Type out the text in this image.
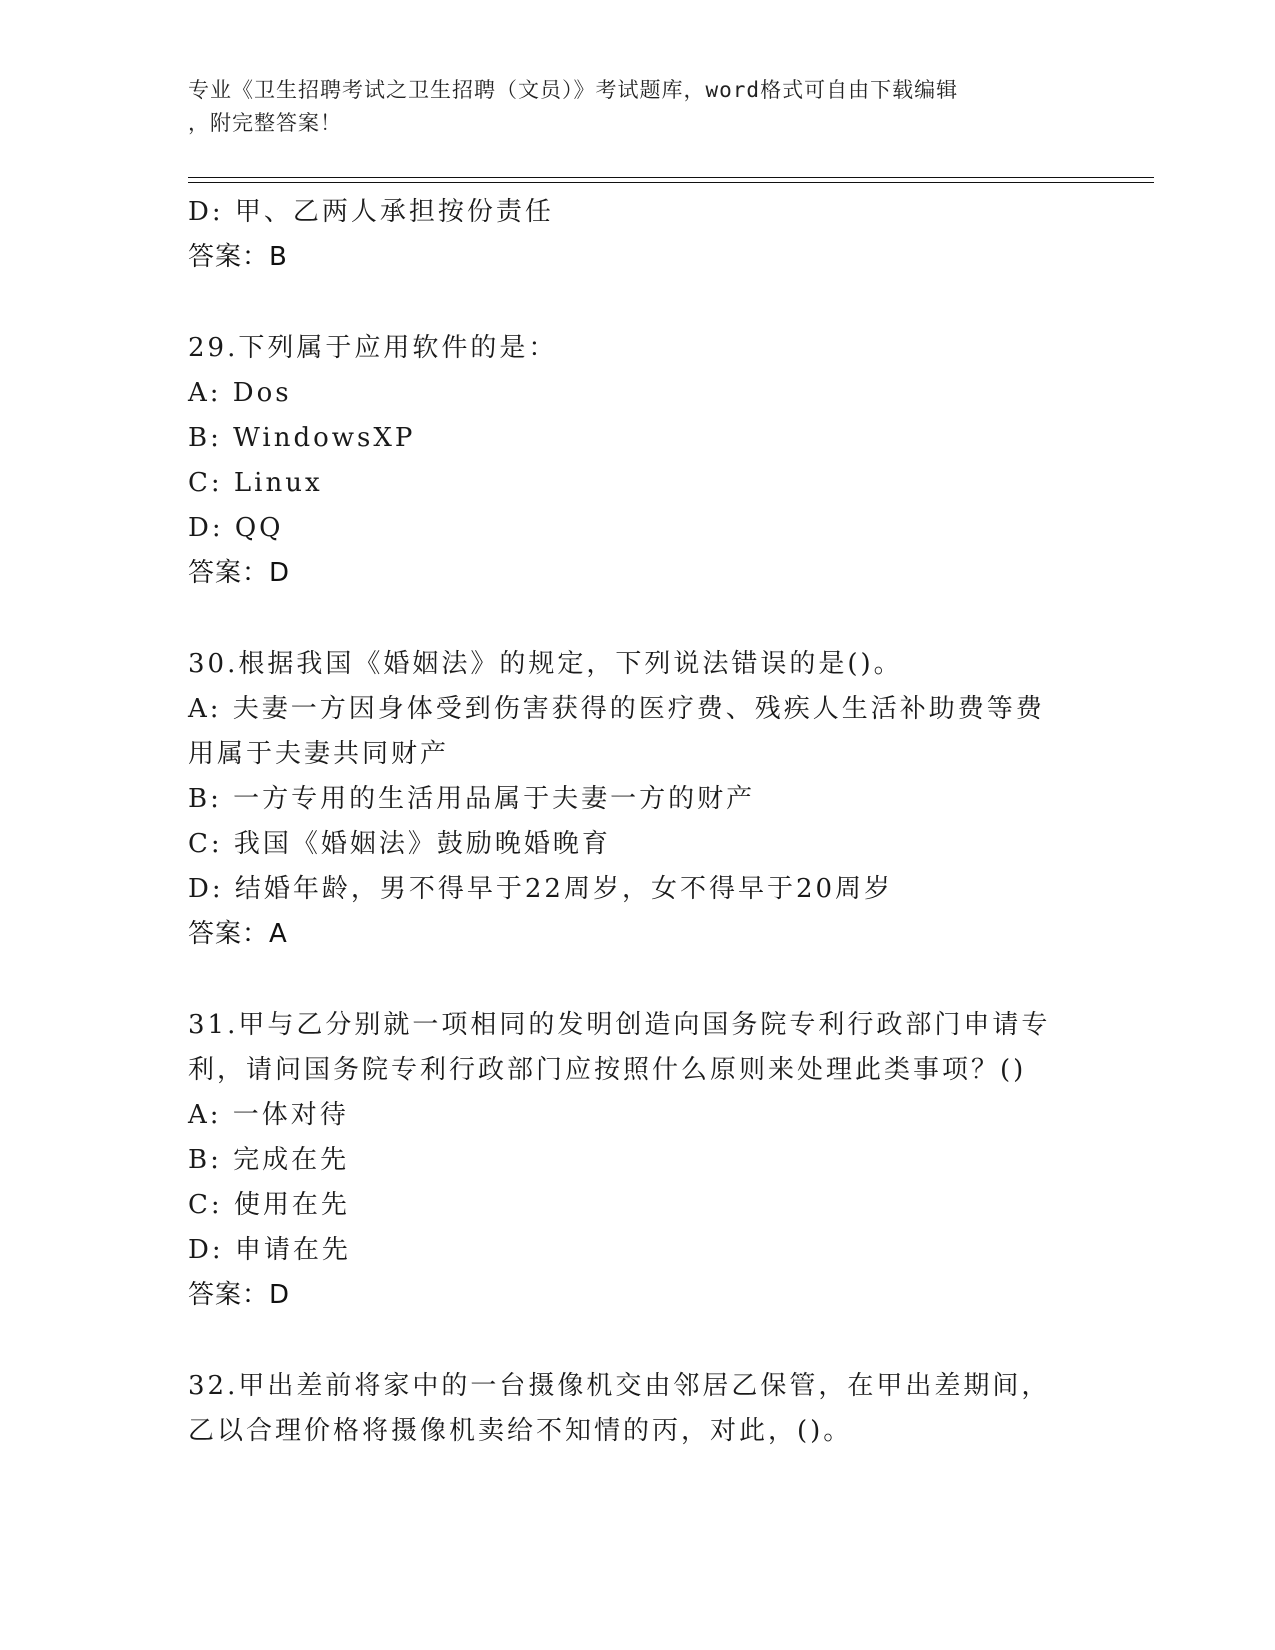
专业《卫生招聘考试之卫生招聘（文员）》考试题库，word格式可自由下载编辑
，附完整答案！
D: 甲、乙两人承担按份责任
答案：B
29.下列属于应用软件的是：
A: Dos
B: WindowsXP
C: Linux
D: QQ
答案：D
30.根据我国《婚姻法》的规定，下列说法错误的是()。
A: 夫妻一方因身体受到伤害获得的医疗费、残疾人生活补助费等费用属于夫妻共同财产
B: 一方专用的生活用品属于夫妻一方的财产
C: 我国《婚姻法》鼓励晚婚晚育
D: 结婚年龄，男不得早于22周岁，女不得早于20周岁
答案：A
31.甲与乙分别就一项相同的发明创造向国务院专利行政部门申请专利，请问国务院专利行政部门应按照什么原则来处理此类事项？()
A: 一体对待
B: 完成在先
C: 使用在先
D: 申请在先
答案：D
32.甲出差前将家中的一台摄像机交由邻居乙保管，在甲出差期间，乙以合理价格将摄像机卖给不知情的丙，对此，()。
